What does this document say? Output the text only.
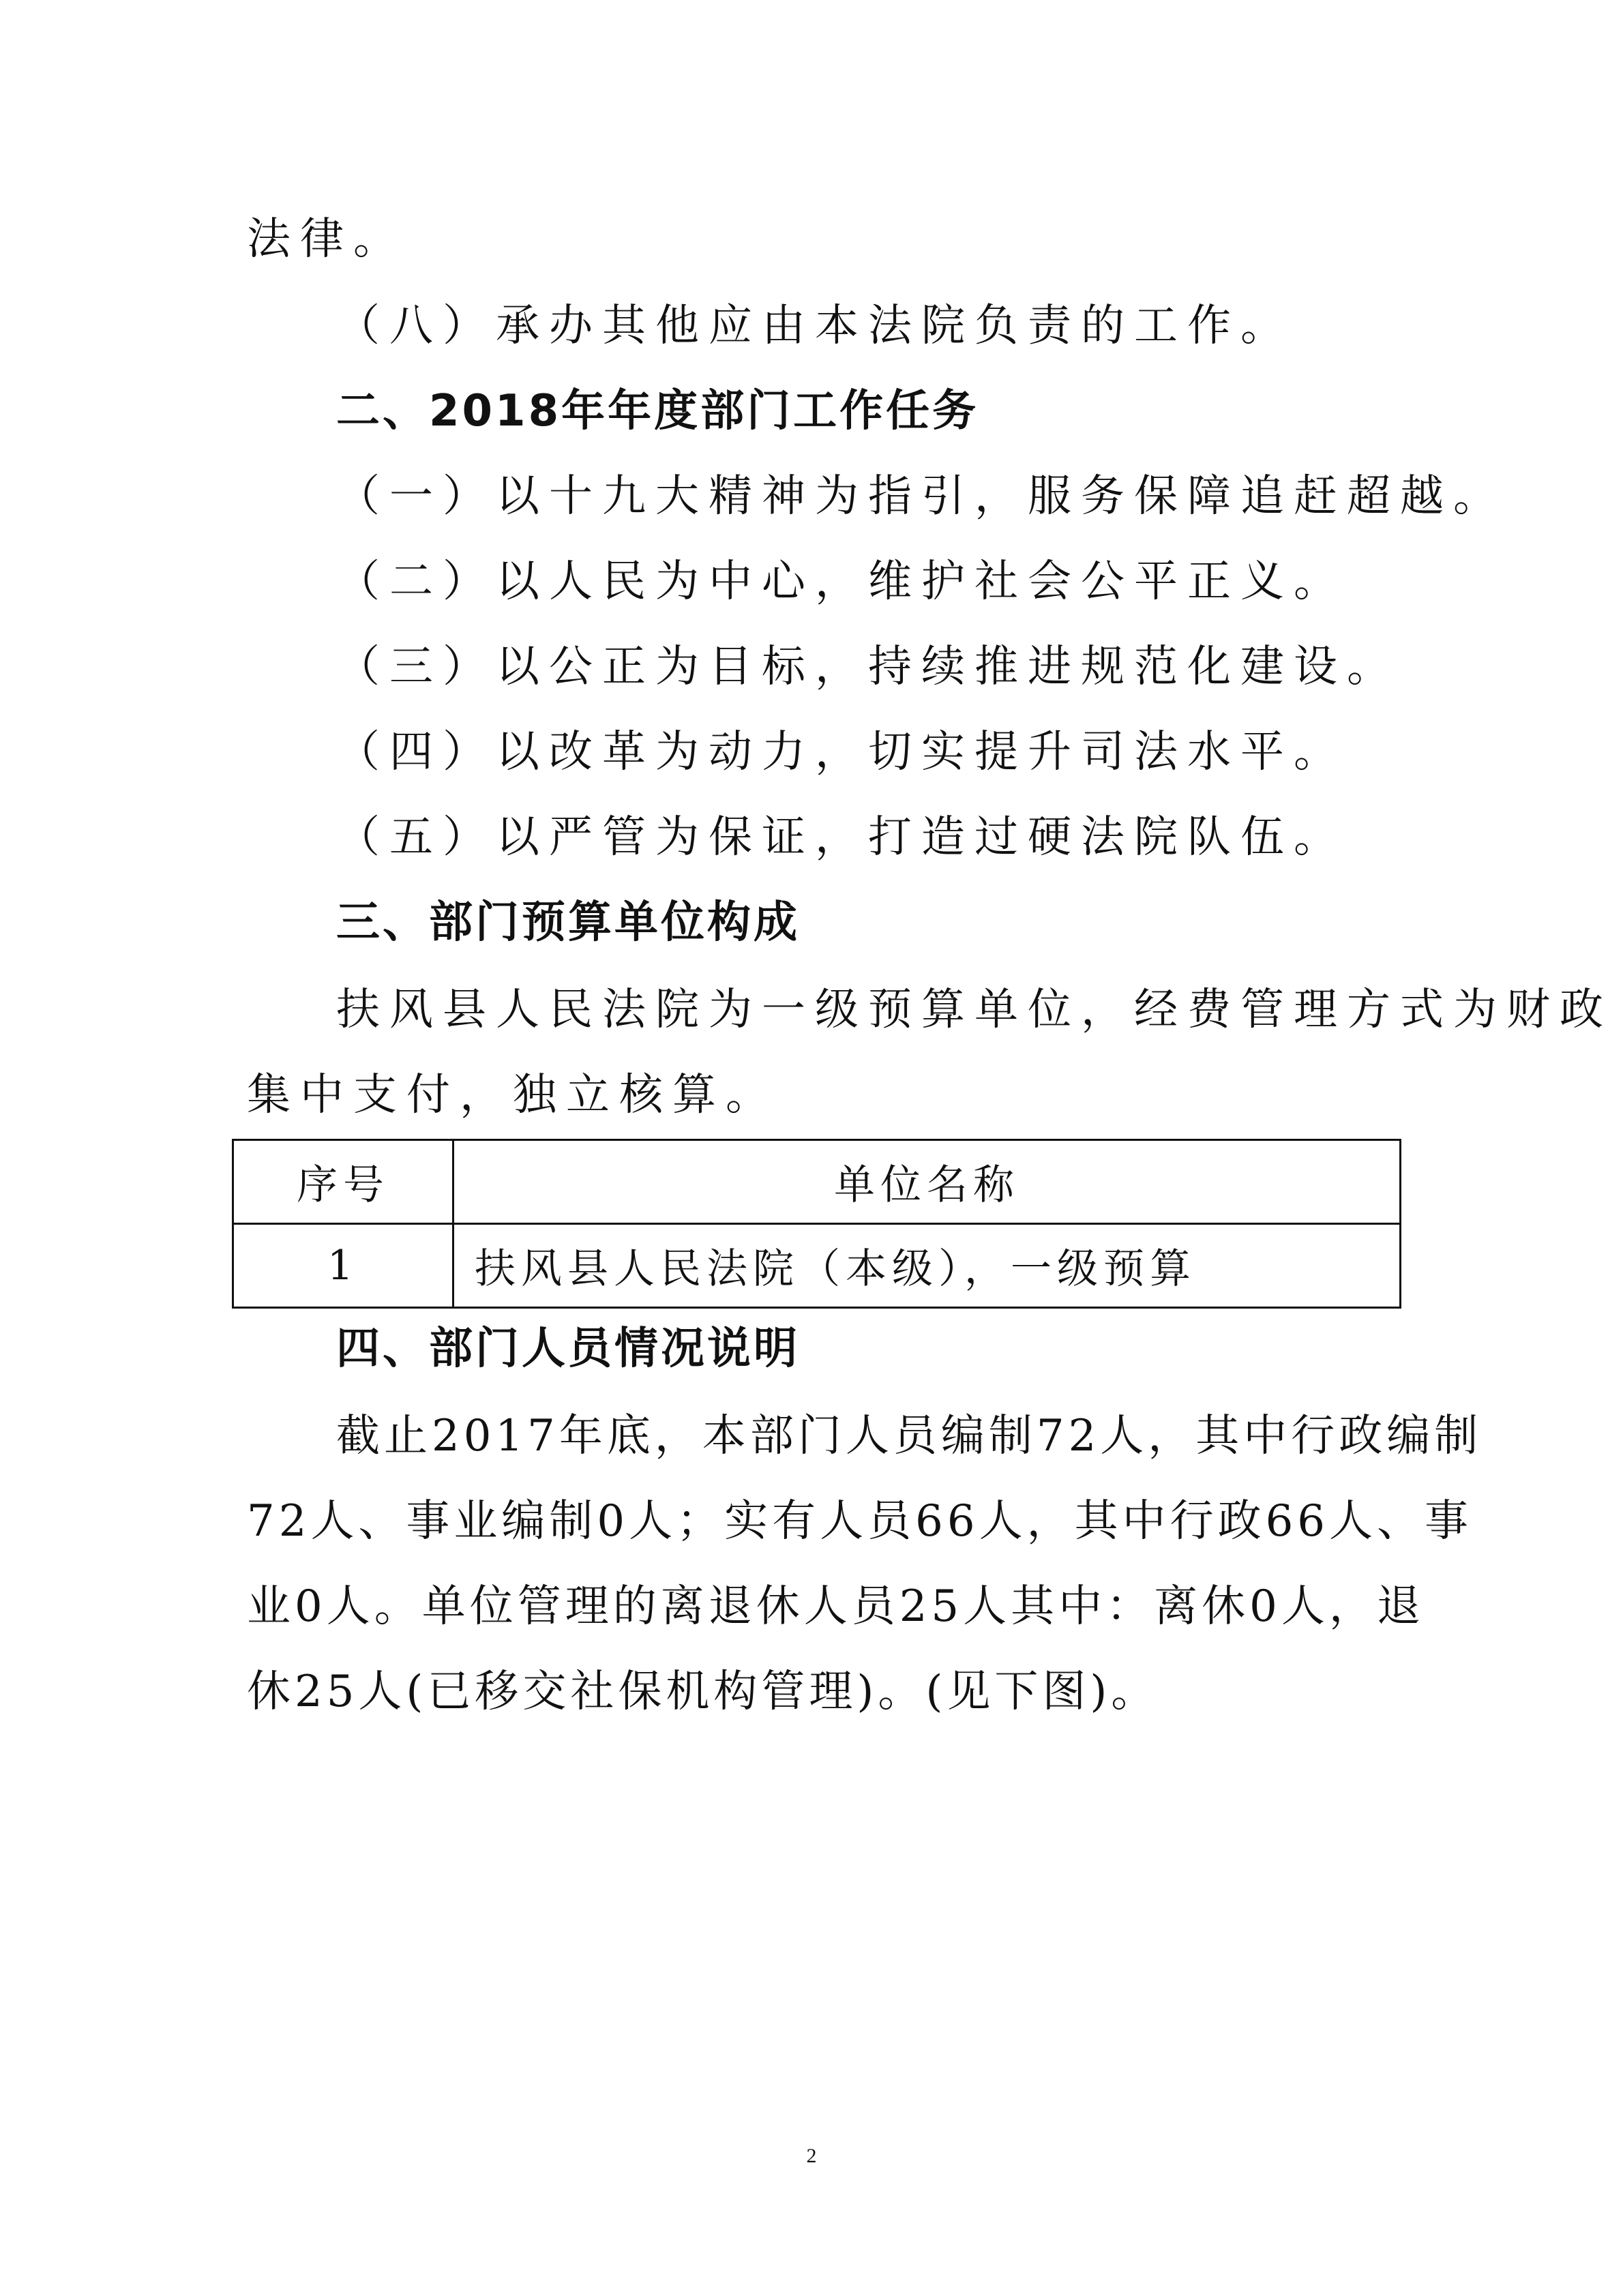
法律。
（八）承办其他应由本法院负责的工作。
二、2018年年度部门工作任务
（一）以十九大精神为指引，服务保障追赶超越。
（二）以人民为中心，维护社会公平正义。
（三）以公正为目标，持续推进规范化建设。
（四）以改革为动力，切实提升司法水平。
（五）以严管为保证，打造过硬法院队伍。
三、部门预算单位构成
扶风县人民法院为一级预算单位，经费管理方式为财政
集中支付，独立核算。
序号	单位名称
1	扶风县人民法院（本级），一级预算
四、部门人员情况说明
截止2017年底，本部门人员编制72人，其中行政编制
72人、事业编制0人；实有人员66人，其中行政66人、事
业0人。单位管理的离退休人员25人其中：离休0人，退
休25人(已移交社保机构管理)。(见下图)。
2
